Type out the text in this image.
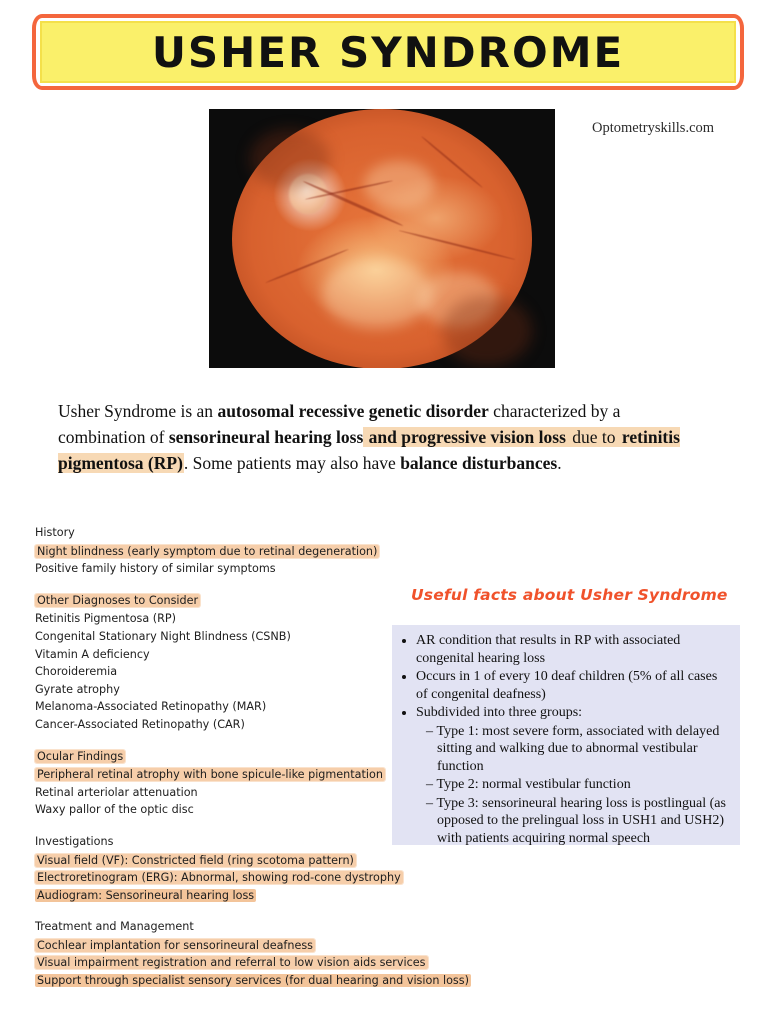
USHER SYNDROME
Optometryskills.com
Usher Syndrome is an autosomal recessive genetic disorder characterized by a combination of sensorineural hearing loss and progressive vision loss due to retinitis pigmentosa (RP). Some patients may also have balance disturbances.
History
Night blindness (early symptom due to retinal degeneration)
Positive family history of similar symptoms
Other Diagnoses to Consider
Retinitis Pigmentosa (RP)
Congenital Stationary Night Blindness (CSNB)
Vitamin A deficiency
Choroideremia
Gyrate atrophy
Melanoma-Associated Retinopathy (MAR)
Cancer-Associated Retinopathy (CAR)
Ocular Findings
Peripheral retinal atrophy with bone spicule-like pigmentation
Retinal arteriolar attenuation
Waxy pallor of the optic disc
Investigations
Visual field (VF): Constricted field (ring scotoma pattern)
Electroretinogram (ERG): Abnormal, showing rod-cone dystrophy
Audiogram: Sensorineural hearing loss
Treatment and Management
Cochlear implantation for sensorineural deafness
Visual impairment registration and referral to low vision aids services
Support through specialist sensory services (for dual hearing and vision loss)
Useful facts about Usher Syndrome
• AR condition that results in RP with associated congenital hearing loss
• Occurs in 1 of every 10 deaf children (5% of all cases of congenital deafness)
• Subdivided into three groups:
– Type 1: most severe form, associated with delayed sitting and walking due to abnormal vestibular function
– Type 2: normal vestibular function
– Type 3: sensorineural hearing loss is postlingual (as opposed to the prelingual loss in USH1 and USH2) with patients acquiring normal speech
